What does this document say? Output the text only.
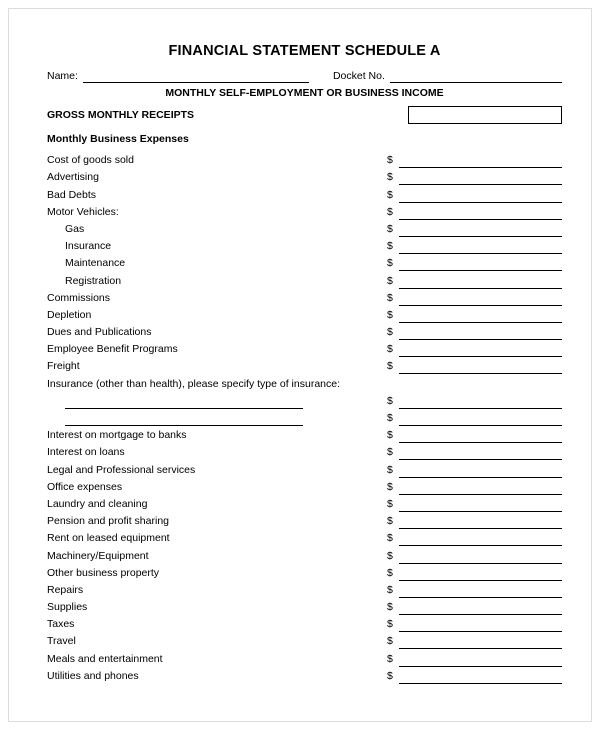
FINANCIAL STATEMENT SCHEDULE A
Name:	Docket No.
MONTHLY SELF-EMPLOYMENT OR BUSINESS INCOME
GROSS MONTHLY RECEIPTS
Monthly Business Expenses
Cost of goods sold	$
Advertising	$
Bad Debts	$
Motor Vehicles:	$
Gas	$
Insurance	$
Maintenance	$
Registration	$
Commissions	$
Depletion	$
Dues and Publications	$
Employee Benefit Programs	$
Freight	$
Insurance (other than health), please specify type of insurance:
$
$
Interest on mortgage to banks	$
Interest on loans	$
Legal and Professional services	$
Office expenses	$
Laundry and cleaning	$
Pension and profit sharing	$
Rent on leased equipment	$
Machinery/Equipment	$
Other business property	$
Repairs	$
Supplies	$
Taxes	$
Travel	$
Meals and entertainment	$
Utilities and phones	$
